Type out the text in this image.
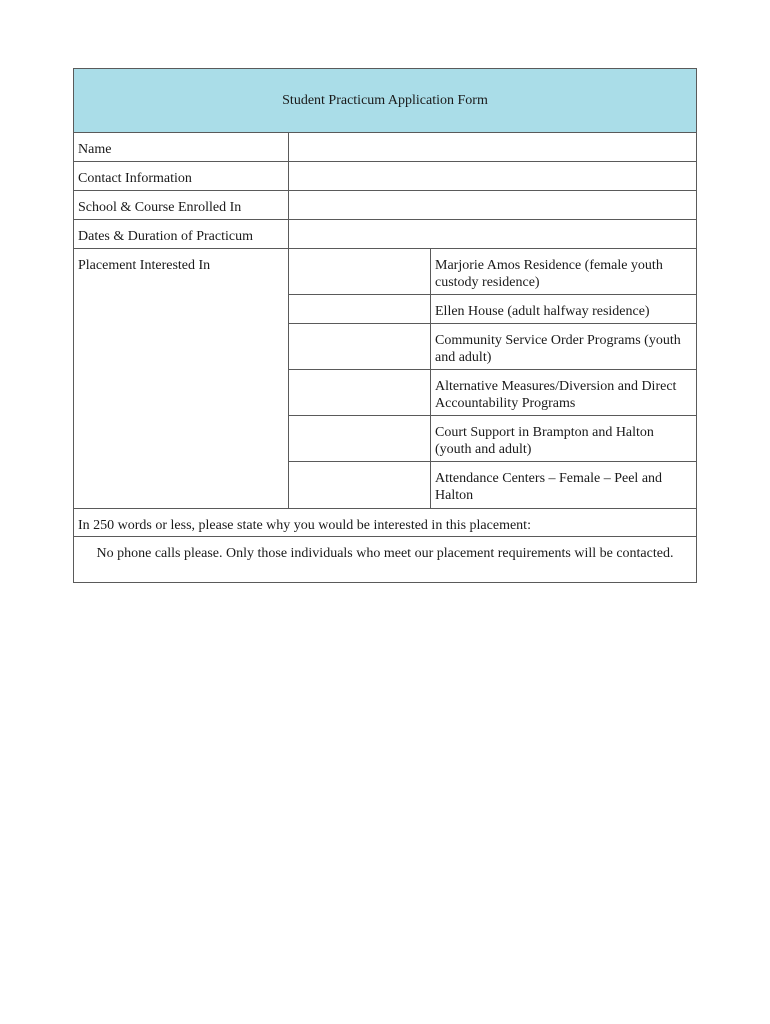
Student Practicum Application Form
Name
Contact Information
School & Course Enrolled In
Dates & Duration of Practicum
Placement Interested In	Marjorie Amos Residence (female youth custody residence)
Ellen House (adult halfway residence)
Community Service Order Programs (youth and adult)
Alternative Measures/Diversion and Direct Accountability Programs
Court Support in Brampton and Halton (youth and adult)
Attendance Centers – Female – Peel and Halton
In 250 words or less, please state why you would be interested in this placement:
No phone calls please. Only those individuals who meet our placement requirements will be contacted.
